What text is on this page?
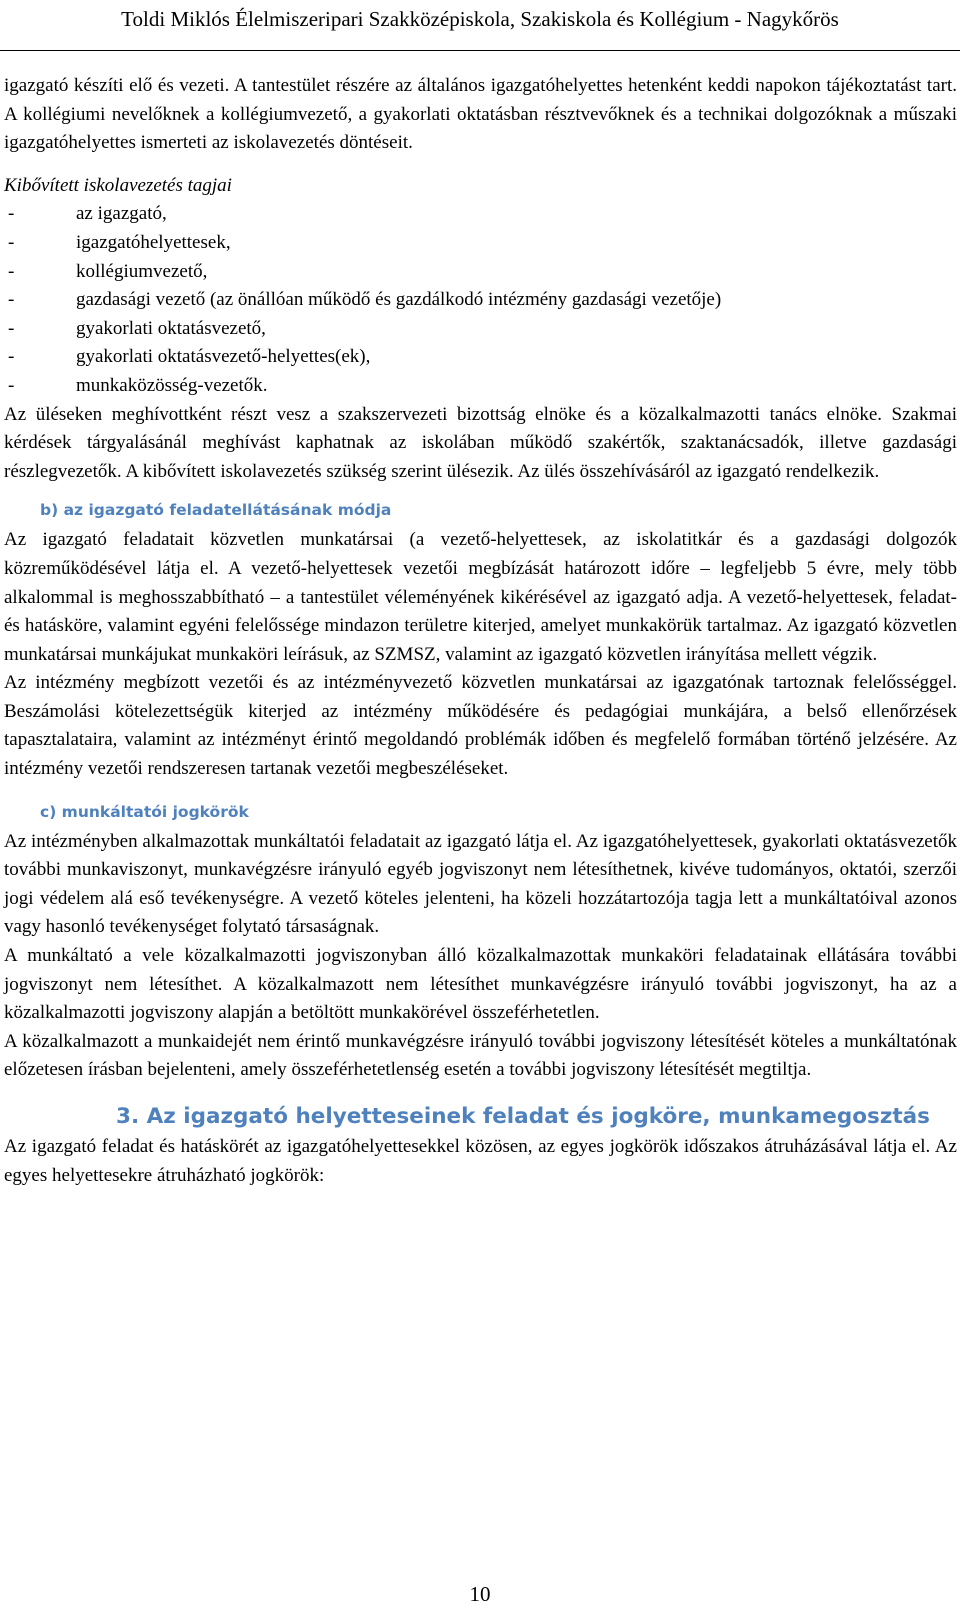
Toldi Miklós Élelmiszeripari Szakközépiskola, Szakiskola és Kollégium - Nagykőrös

igazgató készíti elő és vezeti. A tantestület részére az általános igazgatóhelyettes hetenként keddi napokon tájékoztatást tart. A kollégiumi nevelőknek a kollégiumvezető, a gyakorlati oktatásban résztvevőknek és a technikai dolgozóknak a műszaki igazgatóhelyettes ismerteti az iskolavezetés döntéseit.

Kibővített iskolavezetés tagjai

-	az igazgató,
-	igazgatóhelyettesek,
-	kollégiumvezető,
-	gazdasági vezető (az önállóan működő és gazdálkodó intézmény gazdasági vezetője)
-	gyakorlati oktatásvezető,
-	gyakorlati oktatásvezető-helyettes(ek),
-	munkaközösség-vezetők.

Az üléseken meghívottként részt vesz a szakszervezeti bizottság elnöke és a közalkalmazotti tanács elnöke. Szakmai kérdések tárgyalásánál meghívást kaphatnak az iskolában működő szakértők, szaktanácsadók, illetve gazdasági részlegvezetők. A kibővített iskolavezetés szükség szerint ülésezik. Az ülés összehívásáról az igazgató rendelkezik.

b) az igazgató feladatellátásának módja

Az igazgató feladatait közvetlen munkatársai (a vezető-helyettesek, az iskolatitkár és a gazdasági dolgozók közreműködésével látja el. A vezető-helyettesek vezetői megbízását határozott időre – legfeljebb 5 évre, mely több alkalommal is meghosszabbítható – a tantestület véleményének kikérésével az igazgató adja. A vezető-helyettesek, feladat- és hatásköre, valamint egyéni felelőssége mindazon területre kiterjed, amelyet munkakörük tartalmaz. Az igazgató közvetlen munkatársai munkájukat munkaköri leírásuk, az SZMSZ, valamint az igazgató közvetlen irányítása mellett végzik.

Az intézmény megbízott vezetői és az intézményvezető közvetlen munkatársai az igazgatónak tartoznak felelősséggel. Beszámolási kötelezettségük kiterjed az intézmény működésére és pedagógiai munkájára, a belső ellenőrzések tapasztalataira, valamint az intézményt érintő megoldandó problémák időben és megfelelő formában történő jelzésére. Az intézmény vezetői rendszeresen tartanak vezetői megbeszéléseket.

c) munkáltatói jogkörök

Az intézményben alkalmazottak munkáltatói feladatait az igazgató látja el. Az igazgatóhelyettesek, gyakorlati oktatásvezetők további munkaviszonyt, munkavégzésre irányuló egyéb jogviszonyt nem létesíthetnek, kivéve tudományos, oktatói, szerzői jogi védelem alá eső tevékenységre. A vezető köteles jelenteni, ha közeli hozzátartozója tagja lett a munkáltatóival azonos vagy hasonló tevékenységet folytató társaságnak.

A munkáltató a vele közalkalmazotti jogviszonyban álló közalkalmazottak munkaköri feladatainak ellátására további jogviszonyt nem létesíthet. A közalkalmazott nem létesíthet munkavégzésre irányuló további jogviszonyt, ha az a közalkalmazotti jogviszony alapján a betöltött munkakörével összeférhetetlen.

A közalkalmazott a munkaidejét nem érintő munkavégzésre irányuló további jogviszony létesítését köteles a munkáltatónak előzetesen írásban bejelenteni, amely összeférhetetlenség esetén a további jogviszony létesítését megtiltja.

3. Az igazgató helyetteseinek feladat és jogköre, munkamegosztás

Az igazgató feladat és hatáskörét az igazgatóhelyettesekkel közösen, az egyes jogkörök időszakos átruházásával látja el. Az egyes helyettesekre átruházható jogkörök:

10
